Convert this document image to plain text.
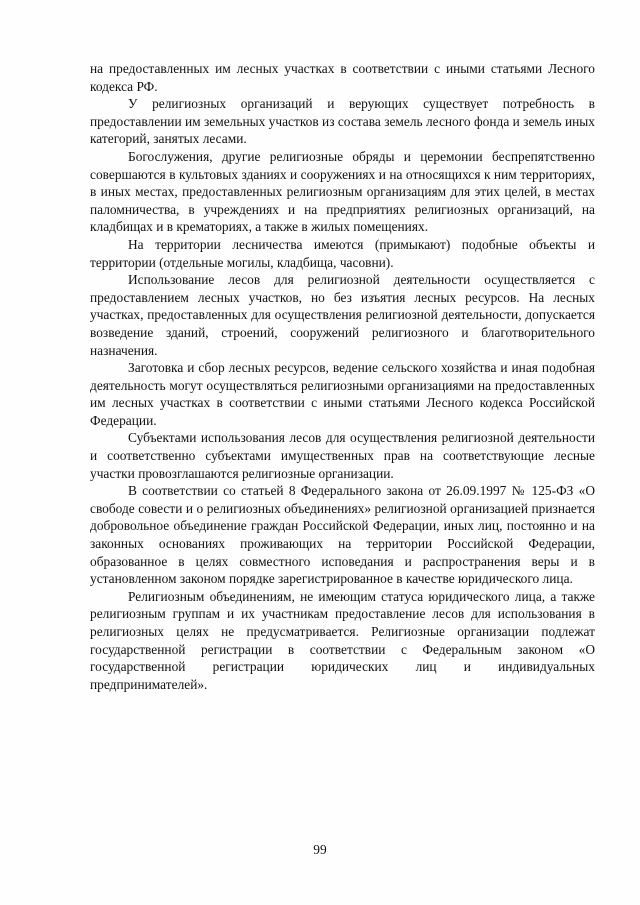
на предоставленных им лесных участках в соответствии с иными статьями Лесного кодекса РФ.

У религиозных организаций и верующих существует потребность в предоставлении им земельных участков из состава земель лесного фонда и земель иных категорий, занятых лесами.

Богослужения, другие религиозные обряды и церемонии беспрепятственно совершаются в культовых зданиях и сооружениях и на относящихся к ним территориях, в иных местах, предоставленных религиозным организациям для этих целей, в местах паломничества, в учреждениях и на предприятиях религиозных организаций, на кладбищах и в крематориях, а также в жилых помещениях.

На территории лесничества имеются (примыкают) подобные объекты и территории (отдельные могилы, кладбища, часовни).

Использование лесов для религиозной деятельности осуществляется с предоставлением лесных участков, но без изъятия лесных ресурсов. На лесных участках, предоставленных для осуществления религиозной деятельности, допускается возведение зданий, строений, сооружений религиозного и благотворительного назначения.

Заготовка и сбор лесных ресурсов, ведение сельского хозяйства и иная подобная деятельность могут осуществляться религиозными организациями на предоставленных им лесных участках в соответствии с иными статьями Лесного кодекса Российской Федерации.

Субъектами использования лесов для осуществления религиозной деятельности и соответственно субъектами имущественных прав на соответствующие лесные участки провозглашаются религиозные организации.

В соответствии со статьей 8 Федерального закона от 26.09.1997 № 125-ФЗ «О свободе совести и о религиозных объединениях» религиозной организацией признается добровольное объединение граждан Российской Федерации, иных лиц, постоянно и на законных основаниях проживающих на территории Российской Федерации, образованное в целях совместного исповедания и распространения веры и в установленном законом порядке зарегистрированное в качестве юридического лица.

Религиозным объединениям, не имеющим статуса юридического лица, а также религиозным группам и их участникам предоставление лесов для использования в религиозных целях не предусматривается. Религиозные организации подлежат государственной регистрации в соответствии с Федеральным законом «О государственной регистрации юридических лиц и индивидуальных предпринимателей».

99
